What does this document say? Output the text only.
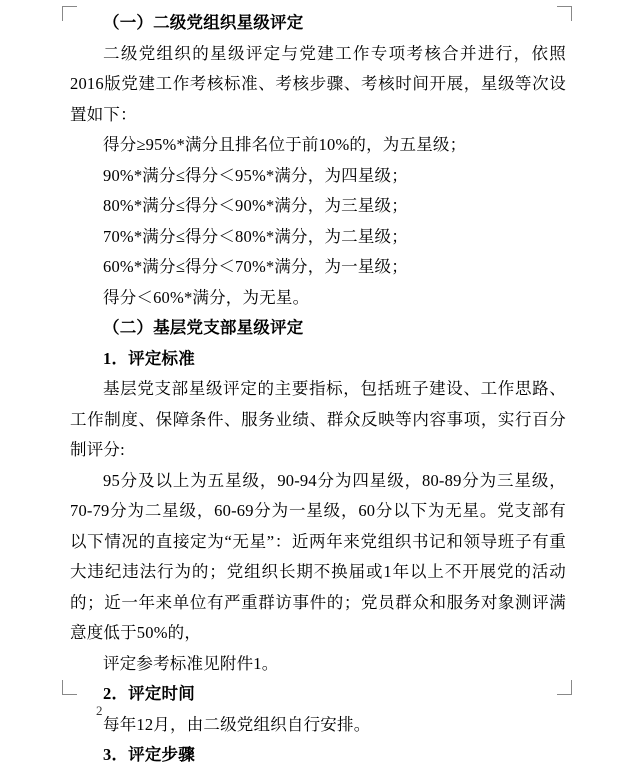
（一）二级党组织星级评定

二级党组织的星级评定与党建工作专项考核合并进行，依照2016版党建工作考核标准、考核步骤、考核时间开展，星级等次设置如下：

得分≥95%*满分且排名位于前10%的，为五星级；

90%*满分≤得分＜95%*满分，为四星级；

80%*满分≤得分＜90%*满分，为三星级；

70%*满分≤得分＜80%*满分，为二星级；

60%*满分≤得分＜70%*满分，为一星级；

得分＜60%*满分，为无星。

（二）基层党支部星级评定

1．评定标准

基层党支部星级评定的主要指标，包括班子建设、工作思路、工作制度、保障条件、服务业绩、群众反映等内容事项，实行百分制评分:

95分及以上为五星级，90-94分为四星级，80-89分为三星级，70-79分为二星级，60-69分为一星级，60分以下为无星。党支部有以下情况的直接定为“无星”：近两年来党组织书记和领导班子有重大违纪违法行为的；党组织长期不换届或1年以上不开展党的活动的；近一年来单位有严重群访事件的；党员群众和服务对象测评满意度低于50%的，

评定参考标准见附件1。

2．评定时间

每年12月，由二级党组织自行安排。

3．评定步骤

2
